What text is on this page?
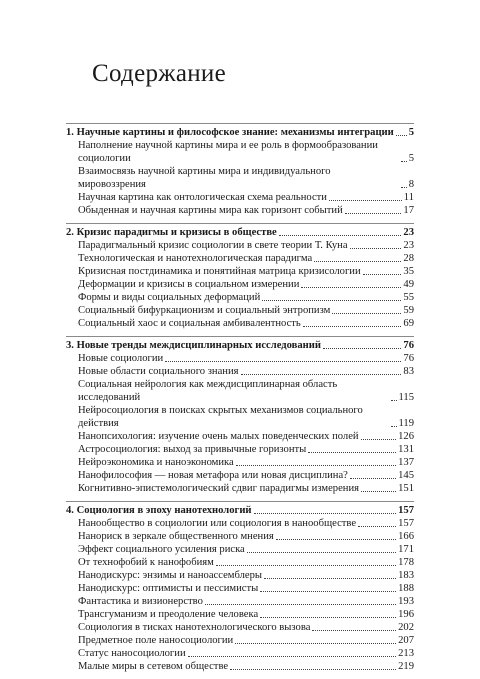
Содержание
1. Научные картины и философское знание: механизмы интеграции 5
Наполнение научной картины мира и ее роль в формообразовании социологии	5
Взаимосвязь научной картины мира и индивидуального мировоззрения	8
Научная картина как онтологическая схема реальности	11
Обыденная и научная картины мира как горизонт событий	17
2. Кризис парадигмы и кризисы в обществе	23
Парадигмальный кризис социологии в свете теории Т. Куна	23
Технологическая и нанотехнологическая парадигма	28
Кризисная постдинамика и понятийная матрица кризисологии	35
Деформации и кризисы в социальном измерении	49
Формы и виды социальных деформаций	55
Социальный бифуркационизм и социальный энтропизм	59
Социальный хаос и социальная амбивалентность	69
3. Новые тренды междисциплинарных исследований	76
Новые социологии	76
Новые области социального знания	83
Социальная нейрология как междисциплинарная область исследований	115
Нейросоциология в поисках скрытых механизмов социального действия	119
Нанопсихология: изучение очень малых поведенческих полей	126
Астросоциология: выход за привычные горизонты	131
Нейроэкономика и наноэкономика	137
Нанофилософия — новая метафора или новая дисциплина?	145
Когнитивно-эпистемологический сдвиг парадигмы измерения	151
4. Социология в эпоху нанотехнологий	157
Нанообщество в социологии или социология в нанообществе	157
Нанориск в зеркале общественного мнения	166
Эффект социального усиления риска	171
От технофобий к нанофобиям	178
Нанодискурс: энзимы и наноассемблеры	183
Нанодискурс: оптимисты и пессимисты	188
Фантастика и визионерство	193
Трансгуманизм и преодоление человека	196
Социология в тисках нанотехнологического вызова	202
Предметное поле наносоциологии	207
Статус наносоциологии	213
Малые миры в сетевом обществе	219
